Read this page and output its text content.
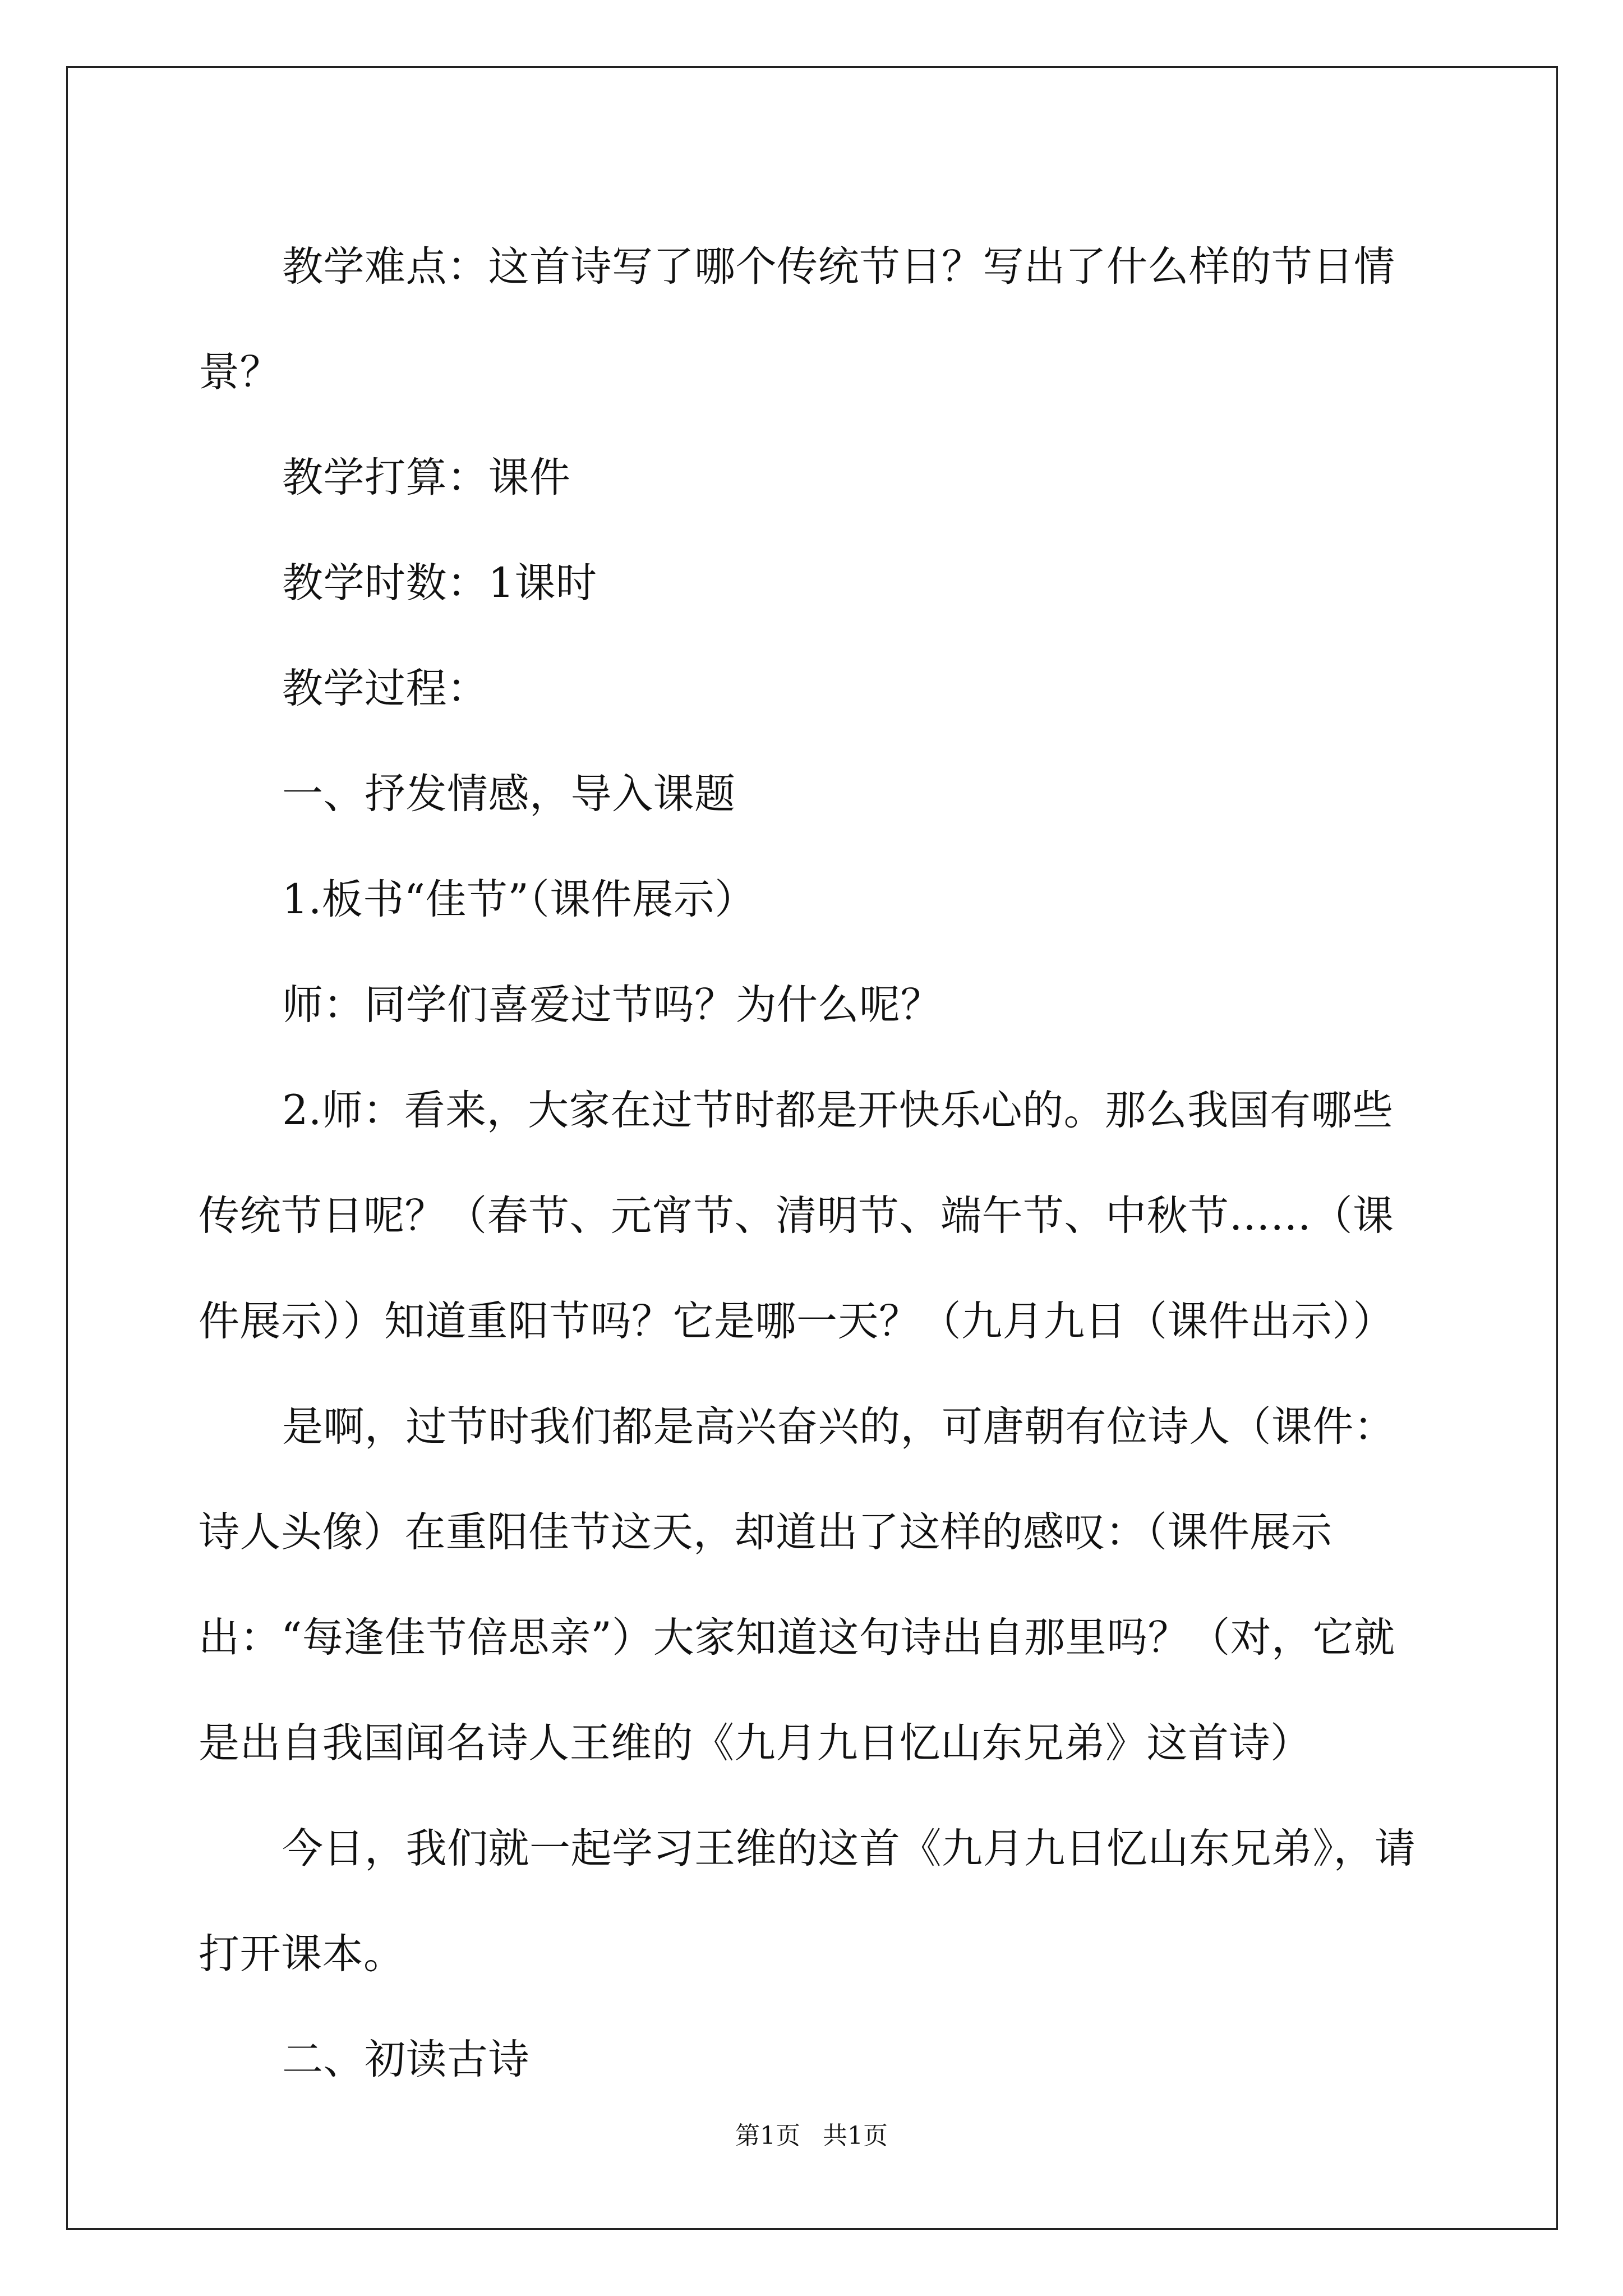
教学难点：这首诗写了哪个传统节日？写出了什么样的节日情景？

教学打算：课件

教学时数：1课时

教学过程：

一、抒发情感，导入课题

1.板书“佳节”（课件展示）

师：同学们喜爱过节吗？为什么呢？

2.师：看来，大家在过节时都是开快乐心的。那么我国有哪些传统节日呢？（春节、元宵节、清明节、端午节、中秋节……（课件展示））知道重阳节吗？它是哪一天？（九月九日（课件出示））

是啊，过节时我们都是高兴奋兴的，可唐朝有位诗人（课件：诗人头像）在重阳佳节这天，却道出了这样的感叹：（课件展示出：“每逢佳节倍思亲”）大家知道这句诗出自那里吗？（对，它就是出自我国闻名诗人王维的《九月九日忆山东兄弟》这首诗）

今日，我们就一起学习王维的这首《九月九日忆山东兄弟》，请打开课本。

二、初读古诗

第1页 共1页
